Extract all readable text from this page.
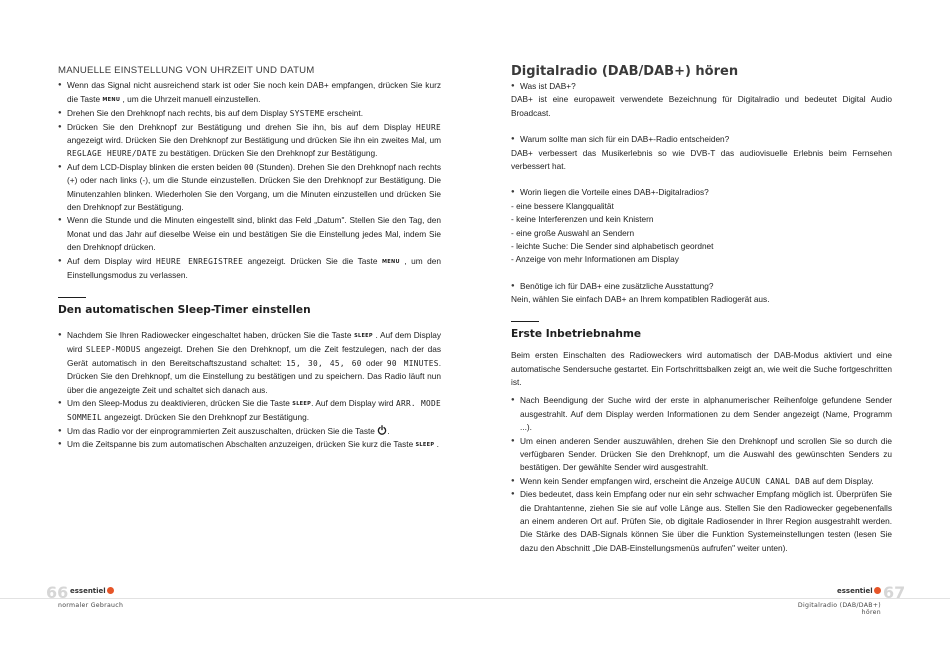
MANUELLE EINSTELLUNG VON UHRZEIT UND DATUM
● Wenn das Signal nicht ausreichend stark ist oder Sie noch kein DAB+ empfangen, drücken Sie kurz die Taste MENU , um die Uhrzeit manuell einzustellen.
● Drehen Sie den Drehknopf nach rechts, bis auf dem Display SYSTEME erscheint.
● Drücken Sie den Drehknopf zur Bestätigung und drehen Sie ihn, bis auf dem Display HEURE angezeigt wird. Drücken Sie den Drehknopf zur Bestätigung und drücken Sie ihn ein zweites Mal, um REGLAGE HEURE/DATE zu bestätigen. Drücken Sie den Drehknopf zur Bestätigung.
● Auf dem LCD-Display blinken die ersten beiden 00 (Stunden). Drehen Sie den Drehknopf nach rechts (+) oder nach links (-), um die Stunde einzustellen. Drücken Sie den Drehknopf zur Bestätigung. Die Minutenzahlen blinken. Wiederholen Sie den Vorgang, um die Minuten einzustellen und drücken Sie den Drehknopf zur Bestätigung.
● Wenn die Stunde und die Minuten eingestellt sind, blinkt das Feld „Datum". Stellen Sie den Tag, den Monat und das Jahr auf dieselbe Weise ein und bestätigen Sie die Einstellung jedes Mal, indem Sie den Drehknopf drücken.
● Auf dem Display wird HEURE ENREGISTREE angezeigt. Drücken Sie die Taste MENU , um den Einstellungsmodus zu verlassen.
Den automatischen Sleep-Timer einstellen
● Nachdem Sie Ihren Radiowecker eingeschaltet haben, drücken Sie die Taste SLEEP . Auf dem Display wird SLEEP-MODUS angezeigt. Drehen Sie den Drehknopf, um die Zeit festzulegen, nach der das Gerät automatisch in den Bereitschaftszustand schaltet: 15, 30, 45, 60 oder 90 MINUTES. Drücken Sie den Drehknopf, um die Einstellung zu bestätigen und zu speichern. Das Radio läuft nun über die angezeigte Zeit und schaltet sich danach aus.
● Um den Sleep-Modus zu deaktivieren, drücken Sie die Taste SLEEP. Auf dem Display wird ARR. MODE SOMMEIL angezeigt. Drücken Sie den Drehknopf zur Bestätigung.
● Um das Radio vor der einprogrammierten Zeit auszuschalten, drücken Sie die Taste .
● Um die Zeitspanne bis zum automatischen Abschalten anzuzeigen, drücken Sie kurz die Taste SLEEP .
66 essentiel
normaler Gebrauch
Digitalradio (DAB/DAB+) hören
● Was ist DAB+?

DAB+ ist eine europaweit verwendete Bezeichnung für Digitalradio und bedeutet Digital Audio Broadcast.

● Warum sollte man sich für ein DAB+-Radio entscheiden?

DAB+ verbessert das Musikerlebnis so wie DVB-T das audiovisuelle Erlebnis beim Fernsehen verbessert hat.

● Worin liegen die Vorteile eines DAB+-Digitalradios?
- eine bessere Klangqualität
- keine Interferenzen und kein Knistern
- eine große Auswahl an Sendern
- leichte Suche: Die Sender sind alphabetisch geordnet
- Anzeige von mehr Informationen am Display
● Benötige ich für DAB+ eine zusätzliche Ausstattung?

Nein, wählen Sie einfach DAB+ an Ihrem kompatiblen Radiogerät aus.

Erste Inbetriebnahme

Beim ersten Einschalten des Radioweckers wird automatisch der DAB-Modus aktiviert und eine automatische Sendersuche gestartet. Ein Fortschrittsbalken zeigt an, wie weit die Suche fortgeschritten ist.

● Nach Beendigung der Suche wird der erste in alphanumerischer Reihenfolge gefundene Sender ausgestrahlt. Auf dem Display werden Informationen zu dem Sender angezeigt (Name, Programm ...).
● Um einen anderen Sender auszuwählen, drehen Sie den Drehknopf und scrollen Sie so durch die verfügbaren Sender. Drücken Sie den Drehknopf, um die Auswahl des gewünschten Senders zu bestätigen. Der gewählte Sender wird ausgestrahlt.
● Wenn kein Sender empfangen wird, erscheint die Anzeige AUCUN CANAL DAB auf dem Display.
● Dies bedeutet, dass kein Empfang oder nur ein sehr schwacher Empfang möglich ist. Überprüfen Sie die Drahtantenne, ziehen Sie sie auf volle Länge aus. Stellen Sie den Radiowecker gegebenenfalls an einem anderen Ort auf. Prüfen Sie, ob digitale Radiosender in Ihrer Region ausgestrahlt werden. Die Stärke des DAB-Signals können Sie über die Funktion Systemeinstellungen testen (lesen Sie dazu den Abschnitt „Die DAB-Einstellungsmenüs aufrufen" weiter unten).
essentiel 67
Digitalradio (DAB/DAB+) hören
